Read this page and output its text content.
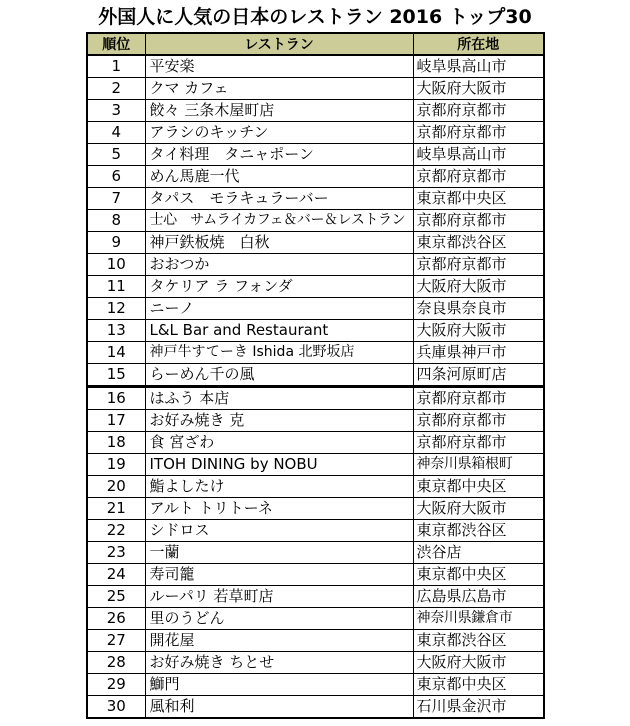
外国人に人気の日本のレストラン 2016 トップ30
順位	レストラン	所在地
1	平安楽	岐阜県高山市
2	クマ カフェ	大阪府大阪市
3	餃々 三条木屋町店	京都府京都市
4	アラシのキッチン	京都府京都市
5	タイ料理　タニャポーン	岐阜県高山市
6	めん馬鹿一代	京都府京都市
7	タパス　モラキュラーバー	東京都中央区
8	士心　サムライカフェ＆バー＆レストラン	京都府京都市
9	神戸鉄板焼　白秋	東京都渋谷区
10	おおつか	京都府京都市
11	タケリア ラ フォンダ	大阪府大阪市
12	ニーノ	奈良県奈良市
13	L&L Bar and Restaurant	大阪府大阪市
14	神戸牛すてーき Ishida 北野坂店	兵庫県神戸市
15	らーめん千の風	四条河原町店
16	はふう 本店	京都府京都市
17	お好み焼き 克	京都府京都市
18	食 宮ざわ	京都府京都市
19	ITOH DINING by NOBU	神奈川県箱根町
20	鮨よしたけ	東京都中央区
21	アルト トリトーネ	大阪府大阪市
22	シドロス	東京都渋谷区
23	一蘭	渋谷店
24	寿司籠	東京都中央区
25	ルーパリ 若草町店	広島県広島市
26	里のうどん	神奈川県鎌倉市
27	開花屋	東京都渋谷区
28	お好み焼き ちとせ	大阪府大阪市
29	鰤門	東京都中央区
30	風和利	石川県金沢市
